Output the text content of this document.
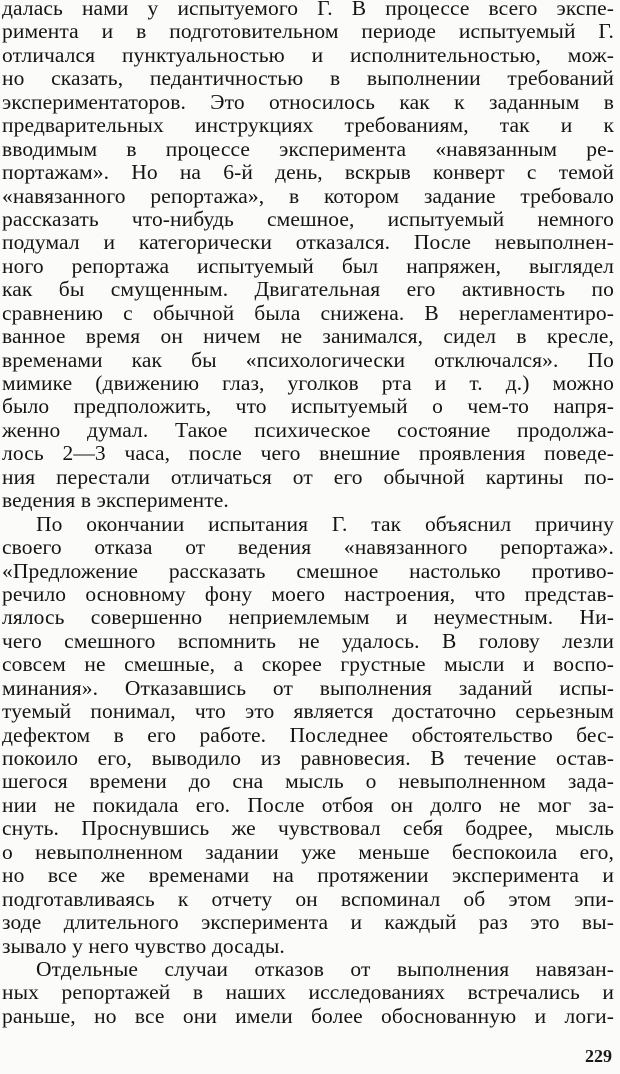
далась нами у испытуемого Г. В процессе всего экспе-
римента и в подготовительном периоде испытуемый Г.
отличался пунктуальностью и исполнительностью, мож-
но сказать, педантичностью в выполнении требований
экспериментаторов. Это относилось как к заданным в
предварительных инструкциях требованиям, так и к
вводимым в процессе эксперимента «навязанным ре-
портажам». Но на 6-й день, вскрыв конверт с темой
«навязанного репортажа», в котором задание требовало
рассказать что-нибудь смешное, испытуемый немного
подумал и категорически отказался. После невыполнен-
ного репортажа испытуемый был напряжен, выглядел
как бы смущенным. Двигательная его активность по
сравнению с обычной была снижена. В нерегламентиро-
ванное время он ничем не занимался, сидел в кресле,
временами как бы «психологически отключался». По
мимике (движению глаз, уголков рта и т. д.) можно
было предположить, что испытуемый о чем-то напря-
женно думал. Такое психическое состояние продолжа-
лось 2—3 часа, после чего внешние проявления поведе-
ния перестали отличаться от его обычной картины по-
ведения в эксперименте.
По окончании испытания Г. так объяснил причину
своего отказа от ведения «навязанного репортажа».
«Предложение рассказать смешное настолько противо-
речило основному фону моего настроения, что представ-
лялось совершенно неприемлемым и неуместным. Ни-
чего смешного вспомнить не удалось. В голову лезли
совсем не смешные, а скорее грустные мысли и воспо-
минания». Отказавшись от выполнения заданий испы-
туемый понимал, что это является достаточно серьезным
дефектом в его работе. Последнее обстоятельство бес-
покоило его, выводило из равновесия. В течение остав-
шегося времени до сна мысль о невыполненном зада-
нии не покидала его. После отбоя он долго не мог за-
снуть. Проснувшись же чувствовал себя бодрее, мысль
о невыполненном задании уже меньше беспокоила его,
но все же временами на протяжении эксперимента и
подготавливаясь к отчету он вспоминал об этом эпи-
зоде длительного эксперимента и каждый раз это вы-
зывало у него чувство досады.
Отдельные случаи отказов от выполнения навязан-
ных репортажей в наших исследованиях встречались и
раньше, но все они имели более обоснованную и логи-
229
